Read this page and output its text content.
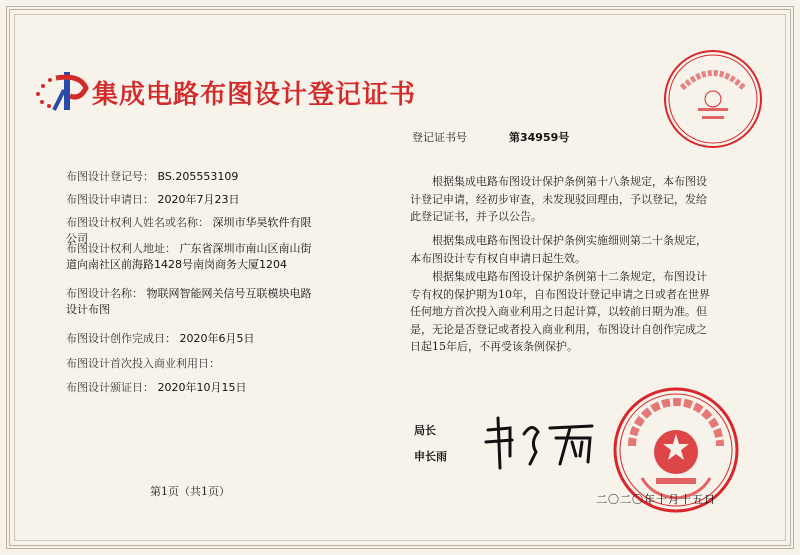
集成电路布图设计登记证书
登记证书号	第34959号
布图设计登记号： BS.205553109
布图设计申请日： 2020年7月23日
布图设计权利人姓名或名称： 深圳市华昊软件有限
公司
布图设计权利人地址： 广东省深圳市南山区南山街
道向南社区前海路1428号南岗商务大厦1204
布图设计名称： 物联网智能网关信号互联模块电路
设计布图
布图设计创作完成日： 2020年6月5日
布图设计首次投入商业利用日：
布图设计颁证日： 2020年10月15日
根据集成电路布图设计保护条例第十八条规定，本布图设
计登记申请，经初步审查，未发现驳回理由，予以登记，发给
此登记证书，并予以公告。
根据集成电路布图设计保护条例实施细则第二十条规定，
本布图设计专有权自申请日起生效。
根据集成电路布图设计保护条例第十二条规定，布图设计
专有权的保护期为10年，自布图设计登记申请之日或者在世界
任何地方首次投入商业利用之日起计算，以较前日期为准。但
是，无论是否登记或者投入商业利用，布图设计自创作完成之
日起15年后，不再受该条例保护。
局长
申长雨
第1页（共1页）
二〇二〇年十月十五日
